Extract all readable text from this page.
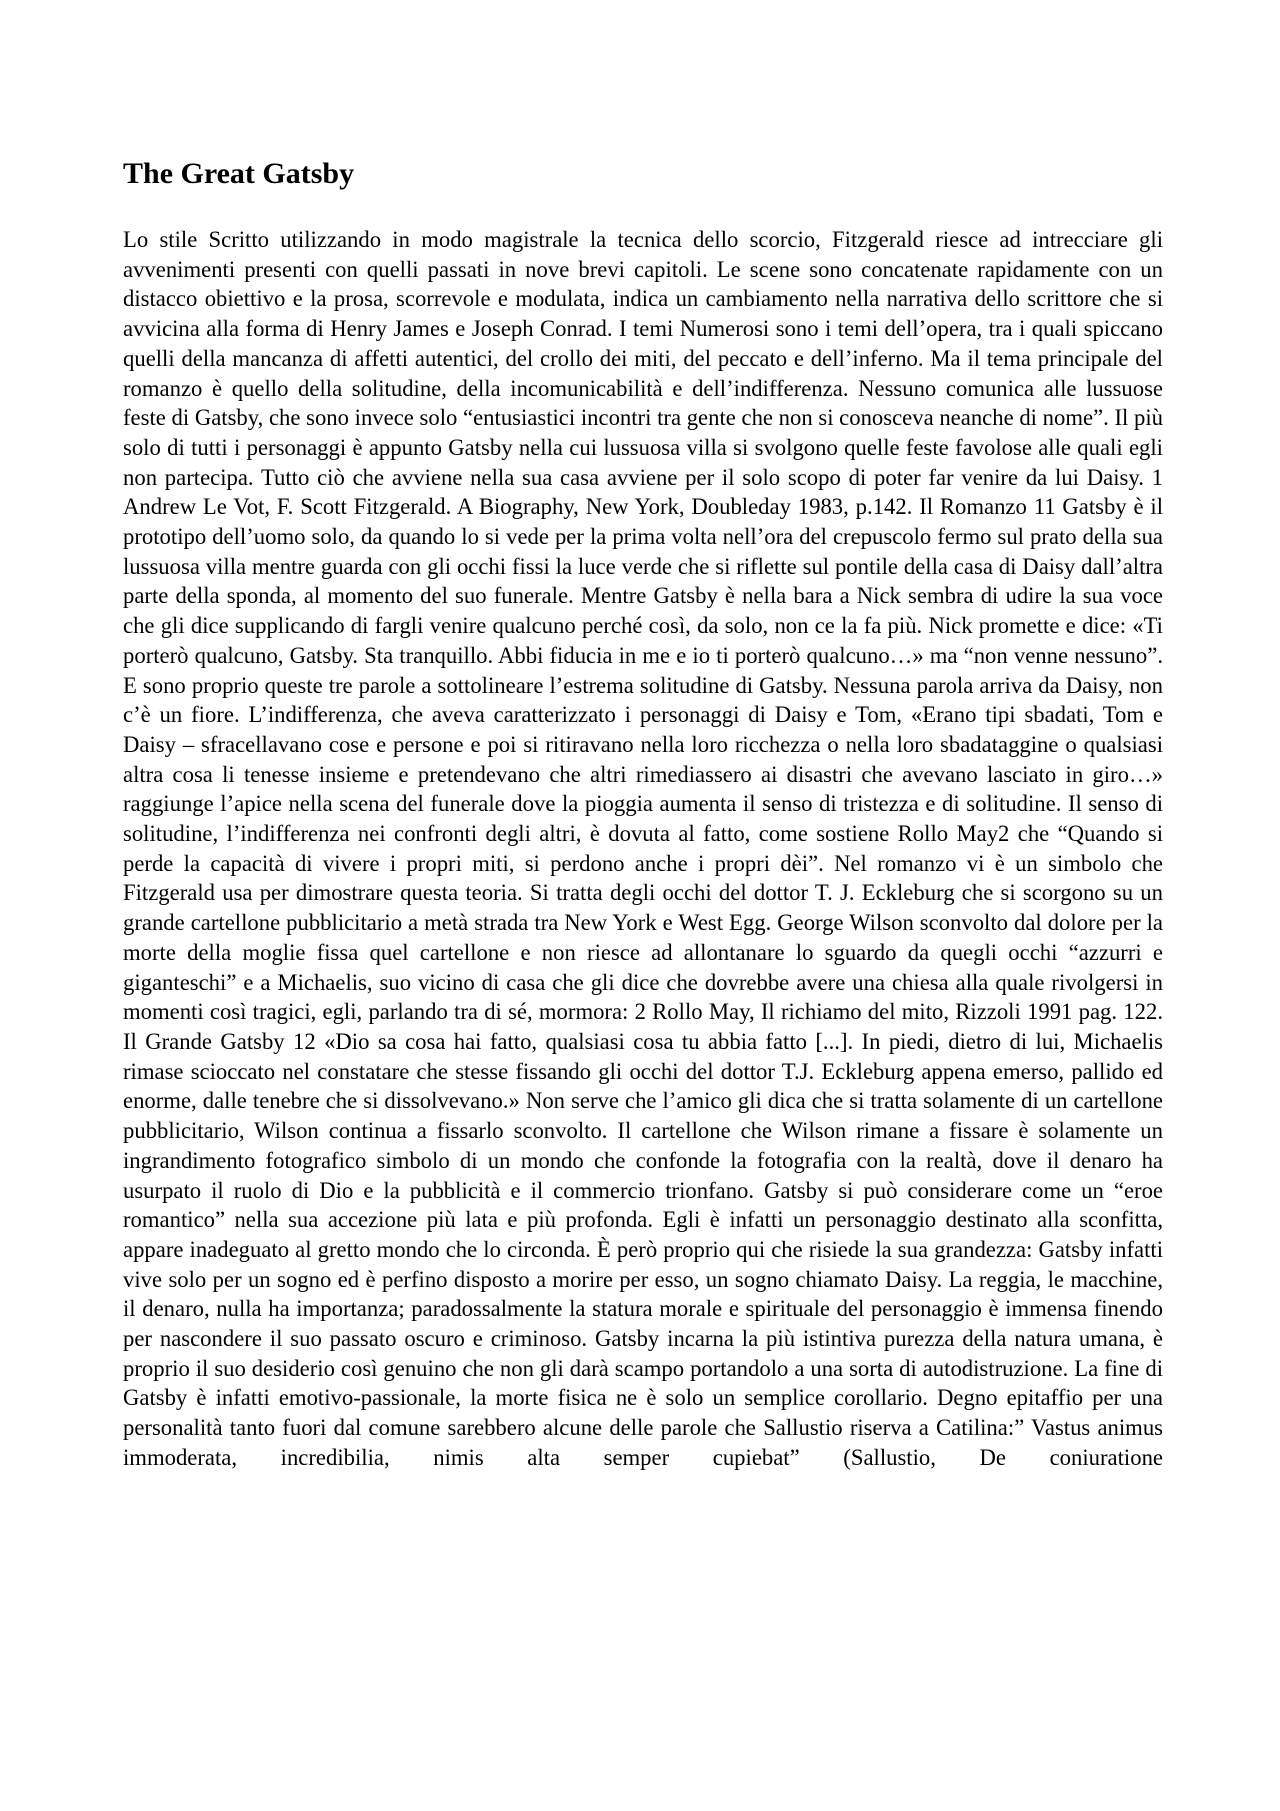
The Great Gatsby

Lo stile Scritto utilizzando in modo magistrale la tecnica dello scorcio, Fitzgerald riesce ad intrecciare gli avvenimenti presenti con quelli passati in nove brevi capitoli. Le scene sono concatenate rapidamente con un distacco obiettivo e la prosa, scorrevole e modulata, indica un cambiamento nella narrativa dello scrittore che si avvicina alla forma di Henry James e Joseph Conrad. I temi Numerosi sono i temi dell’opera, tra i quali spiccano quelli della mancanza di affetti autentici, del crollo dei miti, del peccato e dell’inferno. Ma il tema principale del romanzo è quello della solitudine, della incomunicabilità e dell’indifferenza. Nessuno comunica alle lussuose feste di Gatsby, che sono invece solo “entusiastici incontri tra gente che non si conosceva neanche di nome”. Il più solo di tutti i personaggi è appunto Gatsby nella cui lussuosa villa si svolgono quelle feste favolose alle quali egli non partecipa. Tutto ciò che avviene nella sua casa avviene per il solo scopo di poter far venire da lui Daisy. 1 Andrew Le Vot, F. Scott Fitzgerald. A Biography, New York, Doubleday 1983, p.142. Il Romanzo 11 Gatsby è il prototipo dell’uomo solo, da quando lo si vede per la prima volta nell’ora del crepuscolo fermo sul prato della sua lussuosa villa mentre guarda con gli occhi fissi la luce verde che si riflette sul pontile della casa di Daisy dall’altra parte della sponda, al momento del suo funerale. Mentre Gatsby è nella bara a Nick sembra di udire la sua voce che gli dice supplicando di fargli venire qualcuno perché così, da solo, non ce la fa più. Nick promette e dice: «Ti porterò qualcuno, Gatsby. Sta tranquillo. Abbi fiducia in me e io ti porterò qualcuno…» ma “non venne nessuno”. E sono proprio queste tre parole a sottolineare l’estrema solitudine di Gatsby. Nessuna parola arriva da Daisy, non c’è un fiore. L’indifferenza, che aveva caratterizzato i personaggi di Daisy e Tom, «Erano tipi sbadati, Tom e Daisy – sfracellavano cose e persone e poi si ritiravano nella loro ricchezza o nella loro sbadataggine o qualsiasi altra cosa li tenesse insieme e pretendevano che altri rimediassero ai disastri che avevano lasciato in giro…» raggiunge l’apice nella scena del funerale dove la pioggia aumenta il senso di tristezza e di solitudine. Il senso di solitudine, l’indifferenza nei confronti degli altri, è dovuta al fatto, come sostiene Rollo May2 che “Quando si perde la capacità di vivere i propri miti, si perdono anche i propri dèi”. Nel romanzo vi è un simbolo che Fitzgerald usa per dimostrare questa teoria. Si tratta degli occhi del dottor T. J. Eckleburg che si scorgono su un grande cartellone pubblicitario a metà strada tra New York e West Egg. George Wilson sconvolto dal dolore per la morte della moglie fissa quel cartellone e non riesce ad allontanare lo sguardo da quegli occhi “azzurri e giganteschi” e a Michaelis, suo vicino di casa che gli dice che dovrebbe avere una chiesa alla quale rivolgersi in momenti così tragici, egli, parlando tra di sé, mormora: 2 Rollo May, Il richiamo del mito, Rizzoli 1991 pag. 122. Il Grande Gatsby 12 «Dio sa cosa hai fatto, qualsiasi cosa tu abbia fatto [...]. In piedi, dietro di lui, Michaelis rimase scioccato nel constatare che stesse fissando gli occhi del dottor T.J. Eckleburg appena emerso, pallido ed enorme, dalle tenebre che si dissolvevano.» Non serve che l’amico gli dica che si tratta solamente di un cartellone pubblicitario, Wilson continua a fissarlo sconvolto. Il cartellone che Wilson rimane a fissare è solamente un ingrandimento fotografico simbolo di un mondo che confonde la fotografia con la realtà, dove il denaro ha usurpato il ruolo di Dio e la pubblicità e il commercio trionfano. Gatsby si può considerare come un “eroe romantico” nella sua accezione più lata e più profonda. Egli è infatti un personaggio destinato alla sconfitta, appare inadeguato al gretto mondo che lo circonda. È però proprio qui che risiede la sua grandezza: Gatsby infatti vive solo per un sogno ed è perfino disposto a morire per esso, un sogno chiamato Daisy. La reggia, le macchine, il denaro, nulla ha importanza; paradossalmente la statura morale e spirituale del personaggio è immensa finendo per nascondere il suo passato oscuro e criminoso. Gatsby incarna la più istintiva purezza della natura umana, è proprio il suo desiderio così genuino che non gli darà scampo portandolo a una sorta di autodistruzione. La fine di Gatsby è infatti emotivo-passionale, la morte fisica ne è solo un semplice corollario. Degno epitaffio per una personalità tanto fuori dal comune sarebbero alcune delle parole che Sallustio riserva a Catilina:” Vastus animus immoderata, incredibilia, nimis alta semper cupiebat” (Sallustio, De coniuratione
